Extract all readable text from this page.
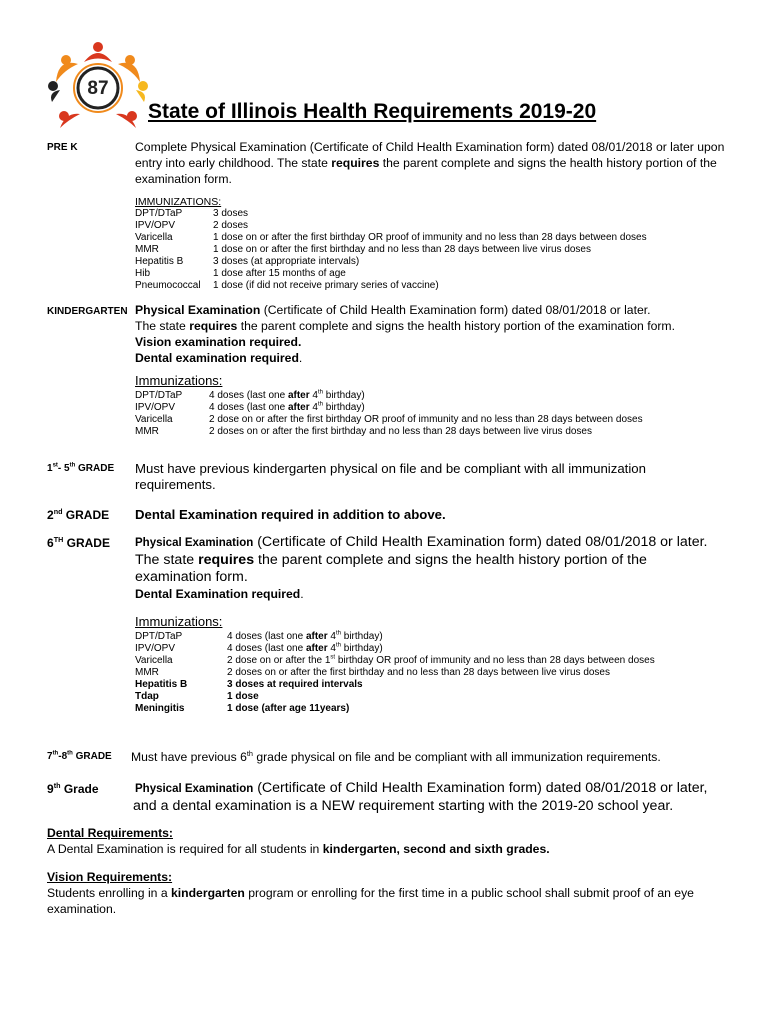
87
State of Illinois Health Requirements 2019-20
PRE K	Complete Physical Examination (Certificate of Child Health Examination form) dated 08/01/2018 or later upon entry into early childhood. The state requires the parent complete and signs the health history portion of the examination form.
IMMUNIZATIONS:
DPT/DTaP	3 doses
IPV/OPV	2 doses
Varicella	1 dose on or after the first birthday OR proof of immunity and no less than 28 days between doses
MMR	1 dose on or after the first birthday and no less than 28 days between live virus doses
Hepatitis B	3 doses (at appropriate intervals)
Hib	1 dose after 15 months of age
Pneumococcal	1 dose (if did not receive primary series of vaccine)
KINDERGARTEN Physical Examination (Certificate of Child Health Examination form) dated 08/01/2018 or later.
The state requires the parent complete and signs the health history portion of the examination form.
Vision examination required.
Dental examination required.
Immunizations:
DPT/DTaP	4 doses (last one after 4th birthday)
IPV/OPV	4 doses (last one after 4th birthday)
Varicella	2 dose on or after the first birthday OR proof of immunity and no less than 28 days between doses
MMR	2 doses on or after the first birthday and no less than 28 days between live virus doses
1st- 5th GRADE Must have previous kindergarten physical on file and be compliant with all immunization requirements.
2nd GRADE Dental Examination required in addition to above.
6TH GRADE Physical Examination (Certificate of Child Health Examination form) dated 08/01/2018 or later.
The state requires the parent complete and signs the health history portion of the examination form.
Dental Examination required.
Immunizations:
DPT/DTaP	4 doses (last one after 4th birthday)
IPV/OPV	4 doses (last one after 4th birthday)
Varicella	2 dose on or after the 1st birthday OR proof of immunity and no less than 28 days between doses
MMR	2 doses on or after the first birthday and no less than 28 days between live virus doses
Hepatitis B	3 doses at required intervals
Tdap	1 dose
Meningitis	1 dose (after age 11years)
7th-8th GRADE Must have previous 6th grade physical on file and be compliant with all immunization requirements.
9th Grade	Physical Examination (Certificate of Child Health Examination form) dated 08/01/2018 or later,
and a dental examination is a NEW requirement starting with the 2019-20 school year.
Dental Requirements:
A Dental Examination is required for all students in kindergarten, second and sixth grades.
Vision Requirements:
Students enrolling in a kindergarten program or enrolling for the first time in a public school shall submit proof of an eye examination.
